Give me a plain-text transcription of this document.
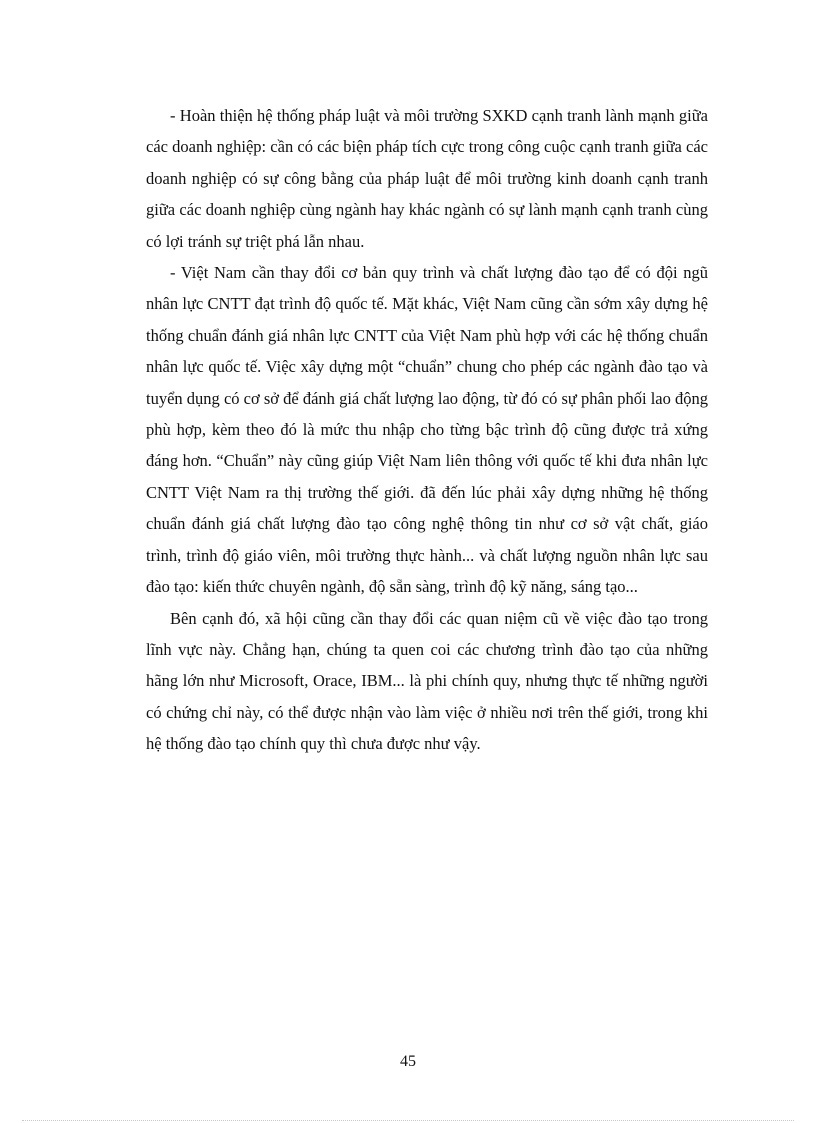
- Hoàn thiện hệ thống pháp luật và môi trường SXKD cạnh tranh lành mạnh giữa các doanh nghiệp: cần có các biện pháp tích cực trong công cuộc cạnh tranh giữa các doanh nghiệp có sự công bằng của pháp luật để môi trường kinh doanh cạnh tranh giữa các doanh nghiệp cùng ngành hay khác ngành có sự lành mạnh cạnh tranh cùng có lợi tránh sự triệt phá lẫn nhau.

- Việt Nam cần thay đổi cơ bản quy trình và chất lượng đào tạo để có đội ngũ nhân lực CNTT đạt trình độ quốc tế. Mặt khác, Việt Nam cũng cần sớm xây dựng hệ thống chuẩn đánh giá nhân lực CNTT của Việt Nam phù hợp với các hệ thống chuẩn nhân lực quốc tế. Việc xây dựng một “chuẩn” chung cho phép các ngành đào tạo và tuyển dụng có cơ sở để đánh giá chất lượng lao động, từ đó có sự phân phối lao động phù hợp, kèm theo đó là mức thu nhập cho từng bậc trình độ cũng được trả xứng đáng hơn. “Chuẩn” này cũng giúp Việt Nam liên thông với quốc tế khi đưa nhân lực CNTT Việt Nam ra thị trường thế giới. đã đến lúc phải xây dựng những hệ thống chuẩn đánh giá chất lượng đào tạo công nghệ thông tin như cơ sở vật chất, giáo trình, trình độ giáo viên, môi trường thực hành... và chất lượng nguồn nhân lực sau đào tạo: kiến thức chuyên ngành, độ sẵn sàng, trình độ kỹ năng, sáng tạo...

Bên cạnh đó, xã hội cũng cần thay đổi các quan niệm cũ về việc đào tạo trong lĩnh vực này. Chẳng hạn, chúng ta quen coi các chương trình đào tạo của những hãng lớn như Microsoft, Orace, IBM... là phi chính quy, nhưng thực tế những người có chứng chỉ này, có thể được nhận vào làm việc ở nhiều nơi trên thế giới, trong khi hệ thống đào tạo chính quy thì chưa được như vậy.

45
